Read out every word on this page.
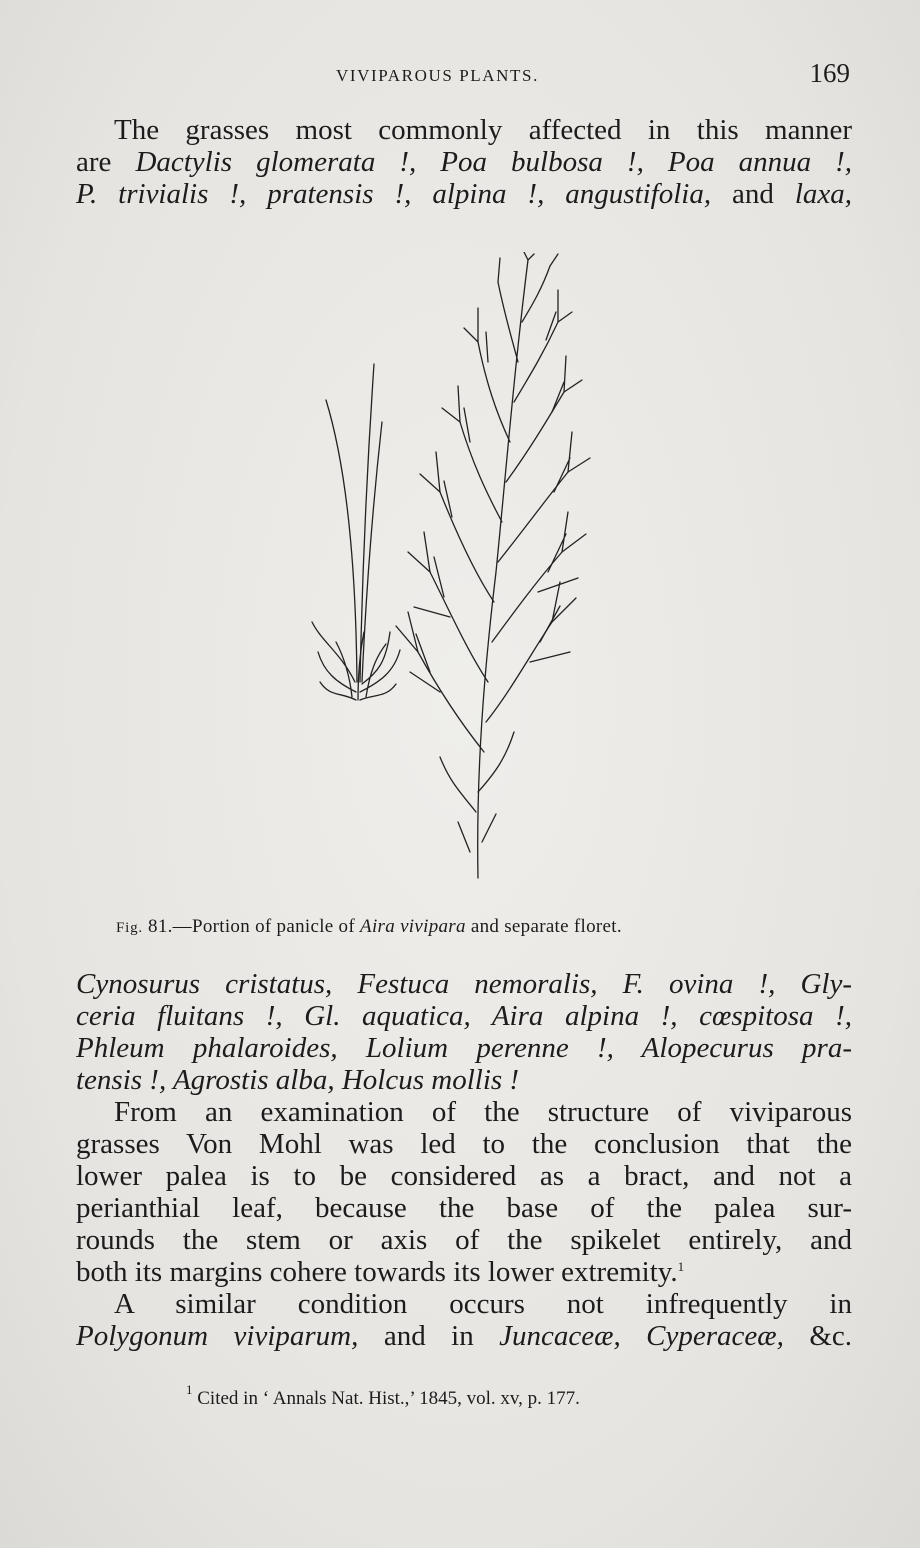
VIVIPAROUS PLANTS.	169
The grasses most commonly affected in this manner
are Dactylis glomerata !, Poa bulbosa !, Poa annua !,
P. trivialis !, pratensis !, alpina !, angustifolia, and laxa,
Fig. 81.—Portion of panicle of Aira vivipara and separate floret.
Cynosurus cristatus, Festuca nemoralis, F. ovina !, Gly-
ceria fluitans !, Gl. aquatica, Aira alpina !, cœspitosa !,
Phleum phalaroides, Lolium perenne !, Alopecurus pra-
tensis !, Agrostis alba, Holcus mollis !
From an examination of the structure of viviparous
grasses Von Mohl was led to the conclusion that the
lower palea is to be considered as a bract, and not a
perianthial leaf, because the base of the palea sur-
rounds the stem or axis of the spikelet entirely, and
both its margins cohere towards its lower extremity.$^1$
A similar condition occurs not infrequently in
Polygonum viviparum, and in Juncaceæ, Cyperaceæ, &c.
$^1$ Cited in ‘ Annals Nat. Hist.,’ 1845, vol. xv, p. 177.
